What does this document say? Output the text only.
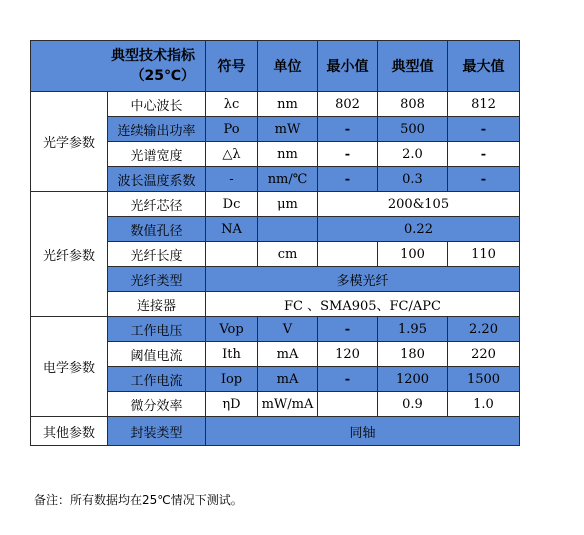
典型技术指标
（25℃）		符号	单位	最小值	典型值	最大值
光学参数	中心波长	λc	nm	802	808	812
	连续输出功率	Po	mW	-	500	-
	光谱宽度	△λ	nm	-	2.0	-
	波长温度系数	-	nm/℃	-	0.3	-
光纤参数	光纤芯径	Dc	μm	200&105		
	数值孔径	NA		0.22		
	光纤长度		cm		100	110
	光纤类型	多模光纤				
	连接器	FC 、SMA905、FC/APC				
电学参数	工作电压	Vop	V	-	1.95	2.20
	阈值电流	Ith	mA	120	180	220
	工作电流	Iop	mA	-	1200	1500
	微分效率	ηD	mW/mA		0.9	1.0
其他参数	封装类型	同轴				
备注：所有数据均在25℃情况下测试。
